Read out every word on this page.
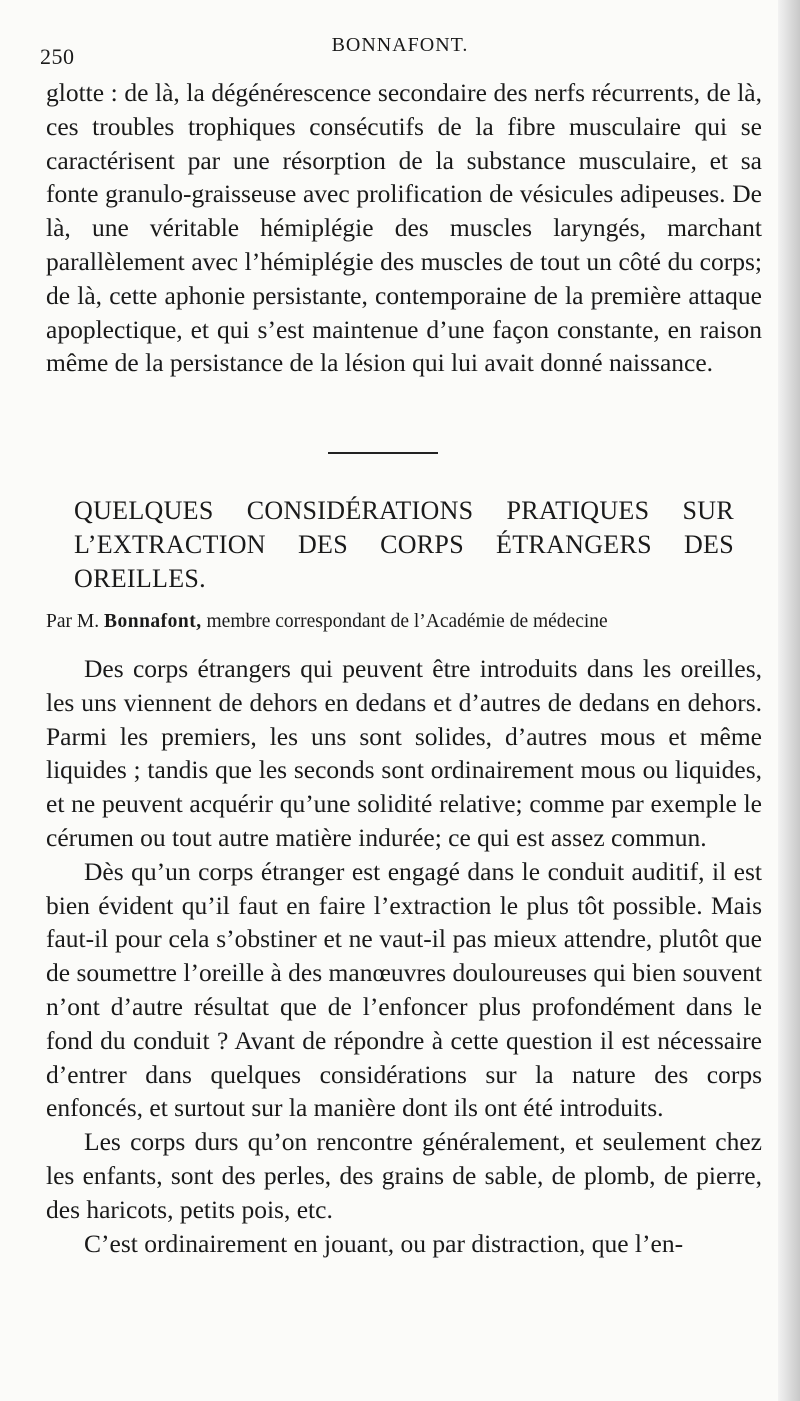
250	BONNAFONT.

glotte : de là, la dégénérescence secondaire des nerfs récurrents, de là, ces troubles trophiques consécutifs de la fibre musculaire qui se caractérisent par une résorption de la substance musculaire, et sa fonte granulo-graisseuse avec prolification de vésicules adipeuses. De là, une véritable hémiplégie des muscles laryngés, marchant parallèlement avec l’hémiplégie des muscles de tout un côté du corps; de là, cette aphonie persistante, contemporaine de la première attaque apoplectique, et qui s’est maintenue d’une façon constante, en raison même de la persistance de la lésion qui lui avait donné naissance.

QUELQUES CONSIDÉRATIONS PRATIQUES SUR L’EXTRACTION DES CORPS ÉTRANGERS DES OREILLES.
Par M. Bonnafont, membre correspondant de l’Académie de médecine

Des corps étrangers qui peuvent être introduits dans les oreilles, les uns viennent de dehors en dedans et d’autres de dedans en dehors. Parmi les premiers, les uns sont solides, d’autres mous et même liquides ; tandis que les seconds sont ordinairement mous ou liquides, et ne peuvent acquérir qu’une solidité relative; comme par exemple le cérumen ou tout autre matière indurée; ce qui est assez commun.

Dès qu’un corps étranger est engagé dans le conduit auditif, il est bien évident qu’il faut en faire l’extraction le plus tôt possible. Mais faut-il pour cela s’obstiner et ne vaut-il pas mieux attendre, plutôt que de soumettre l’oreille à des manœuvres douloureuses qui bien souvent n’ont d’autre résultat que de l’enfoncer plus profondément dans le fond du conduit ? Avant de répondre à cette question il est nécessaire d’entrer dans quelques considérations sur la nature des corps enfoncés, et surtout sur la manière dont ils ont été introduits.

Les corps durs qu’on rencontre généralement, et seulement chez les enfants, sont des perles, des grains de sable, de plomb, de pierre, des haricots, petits pois, etc.

C’est ordinairement en jouant, ou par distraction, que l’en-
